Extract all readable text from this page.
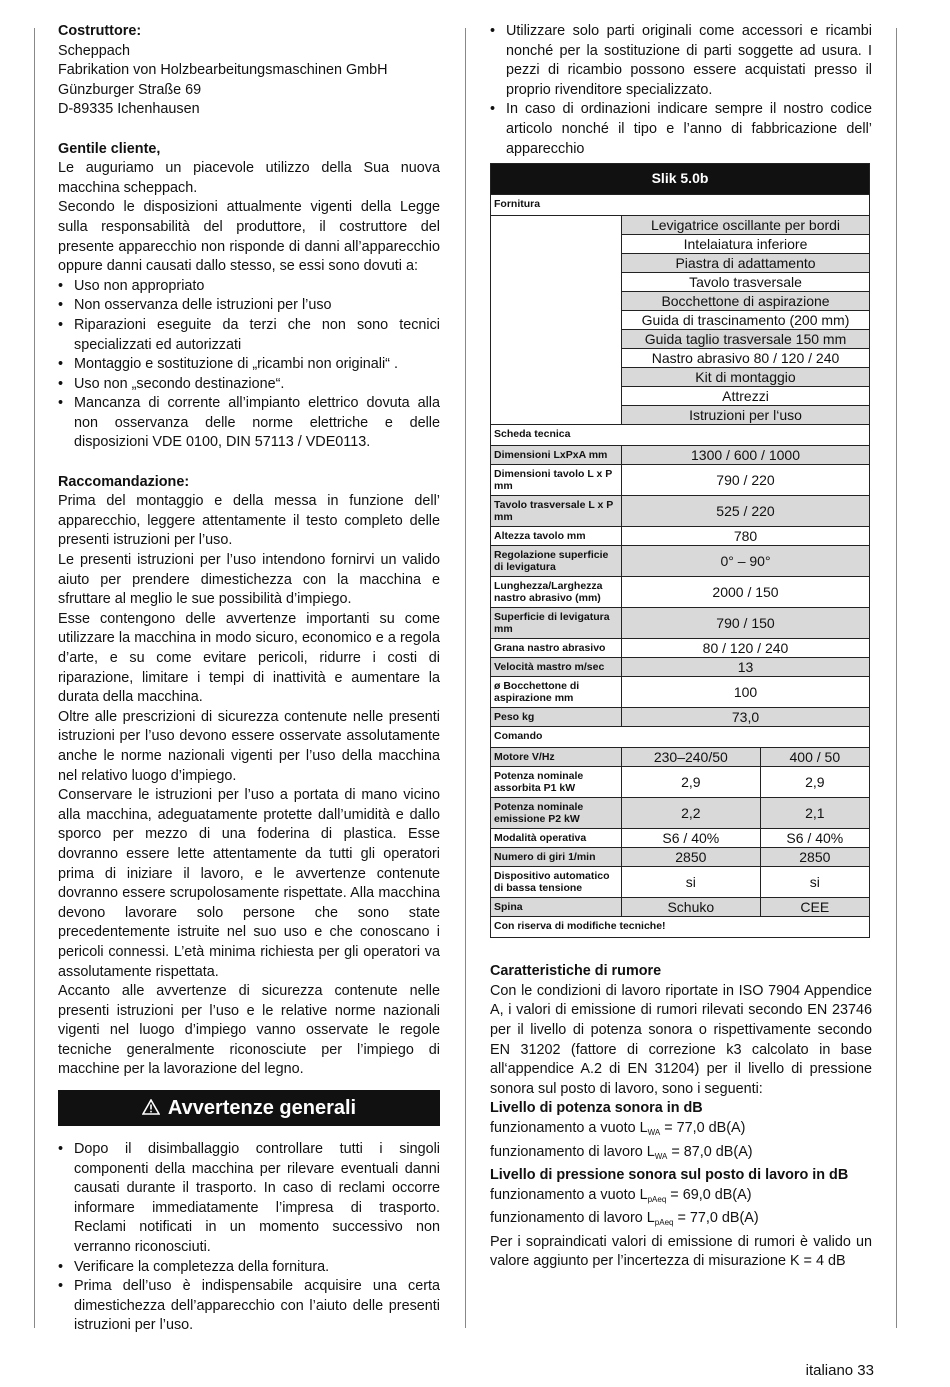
Costruttore:

Scheppach

Fabrikation von Holzbearbeitungsmaschinen GmbH

Günzburger Straße 69

D-89335 Ichenhausen

Gentile cliente,

Le auguriamo un piacevole utilizzo della Sua nuova macchina scheppach.

Secondo le disposizioni attualmente vigenti della Legge sulla responsabilità del produttore, il costruttore del presente apparecchio non risponde di danni all’apparecchio oppure danni causati dallo stesso, se essi sono dovuti a:

• Uso non appropriato
• Non osservanza delle istruzioni per l’uso
• Riparazioni eseguite da terzi che non sono tecnici specializzati ed autorizzati
• Montaggio e sostituzione di „ricambi non originali“ .
• Uso non „secondo destinazione“.
• Mancanza di corrente all’impianto elettrico dovuta alla non osservanza delle norme elettriche e delle disposizioni VDE 0100, DIN 57113 / VDE0113.

Raccomandazione:

Prima del montaggio e della messa in funzione dell’ apparecchio, leggere attentamente il testo completo delle presenti istruzioni per l’uso.

Le presenti istruzioni per l’uso intendono fornirvi un valido aiuto per prendere dimestichezza con la macchina e sfruttare al meglio le sue possibilità d’impiego.

Esse contengono delle avvertenze importanti su come utilizzare la macchina in modo sicuro, economico e a regola d’arte, e su come evitare pericoli, ridurre i costi di riparazione, limitare i tempi di inattività e aumentare la durata della macchina.

Oltre alle prescrizioni di sicurezza contenute nelle presenti istruzioni per l’uso devono essere osservate assolutamente anche le norme nazionali vigenti per l’uso della macchina nel relativo luogo d’impiego.

Conservare le istruzioni per l’uso a portata di mano vicino alla macchina, adeguatamente protette dall’umidità e dallo sporco per mezzo di una foderina di plastica. Esse dovranno essere lette attentamente da tutti gli operatori prima di iniziare il lavoro, e le avvertenze contenute dovranno essere scrupolosamente rispettate. Alla macchina devono lavorare solo persone che sono state precedentemente istruite nel suo uso e che conoscano i pericoli connessi. L’età minima richiesta per gli operatori va assolutamente rispettata.

Accanto alle avvertenze di sicurezza contenute nelle presenti istruzioni per l’uso e le relative norme nazionali vigenti nel luogo d’impiego vanno osservate le regole tecniche generalmente riconosciute per l’impiego di macchine per la lavorazione del legno.

Avvertenze generali
• Dopo il disimballaggio controllare tutti i singoli componenti della macchina per rilevare eventuali danni causati durante il trasporto. In caso di reclami occorre informare immediatamente l’impresa di trasporto. Reclami notificati in un momento successivo non verranno riconosciuti.
• Verificare la completezza della fornitura.
• Prima dell’uso è indispensabile acquisire una certa dimestichezza dell’apparecchio con l’aiuto delle presenti istruzioni per l’uso.
• Utilizzare solo parti originali come accessori e ricambi nonché per la sostituzione di parti soggette ad usura. I pezzi di ricambio possono essere acquistati presso il proprio rivenditore specializzato.
• In caso di ordinazioni indicare sempre il nostro codice articolo nonché il tipo e l’anno di fabbricazione dell’ apparecchio
Slik 5.0b		
Fornitura		
	Levigatrice oscillante per bordi	
	Intelaiatura inferiore	
	Piastra di adattamento	
	Tavolo trasversale	
	Bocchettone di aspirazione	
	Guida di trascinamento (200 mm)	
	Guida taglio trasversale 150 mm	
	Nastro abrasivo 80 / 120 / 240	
	Kit di montaggio	
	Attrezzi	
	Istruzioni per l‘uso	
Scheda tecnica		
Dimensioni LxPxA mm	1300 / 600 / 1000	
Dimensioni tavolo L x P mm	790 / 220	
Tavolo trasversale L x P mm	525 / 220	
Altezza tavolo mm	780	
Regolazione superficie di levigatura	0° – 90°	
Lunghezza/Larghezza nastro abrasivo (mm)	2000 / 150	
Superficie di levigatura mm	790 / 150	
Grana nastro abrasivo	80 / 120 / 240	
Velocità mastro m/sec	13	
ø Bocchettone di aspirazione mm	100	
Peso kg	73,0	
Comando		
Motore V/Hz	230–240/50	400 / 50
Potenza nominale assorbita P1 kW	2,9	2,9
Potenza nominale emissione P2 kW	2,2	2,1
Modalità operativa	S6 / 40%	S6 / 40%
Numero di giri 1/min	2850	2850
Dispositivo automatico di bassa tensione	si	si
Spina	Schuko	CEE
Con riserva di modifiche tecniche!		

Caratteristiche di rumore

Con le condizioni di lavoro riportate in ISO 7904 Appendice A, i valori di emissione di rumori rilevati secondo EN 23746 per il livello di potenza sonora o rispettivamente secondo EN 31202 (fattore di correzione k3 calcolato in base all‘appendice A.2 di EN 31204) per il livello di pressione sonora sul posto di lavoro, sono i seguenti:

Livello di potenza sonora in dB

funzionamento a vuoto $L_{WA} = 77,0$ dB(A)

funzionamento di lavoro $L_{WA} = 87,0$ dB(A)

Livello di pressione sonora sul posto di lavoro in dB

funzionamento a vuoto $L_{pAeq} = 69,0$ dB(A)

funzionamento di lavoro $L_{pAeq} = 77,0$ dB(A)

Per i sopraindicati valori di emissione di rumori è valido un valore aggiunto per l’incertezza di misurazione K = 4 dB

italiano 33
